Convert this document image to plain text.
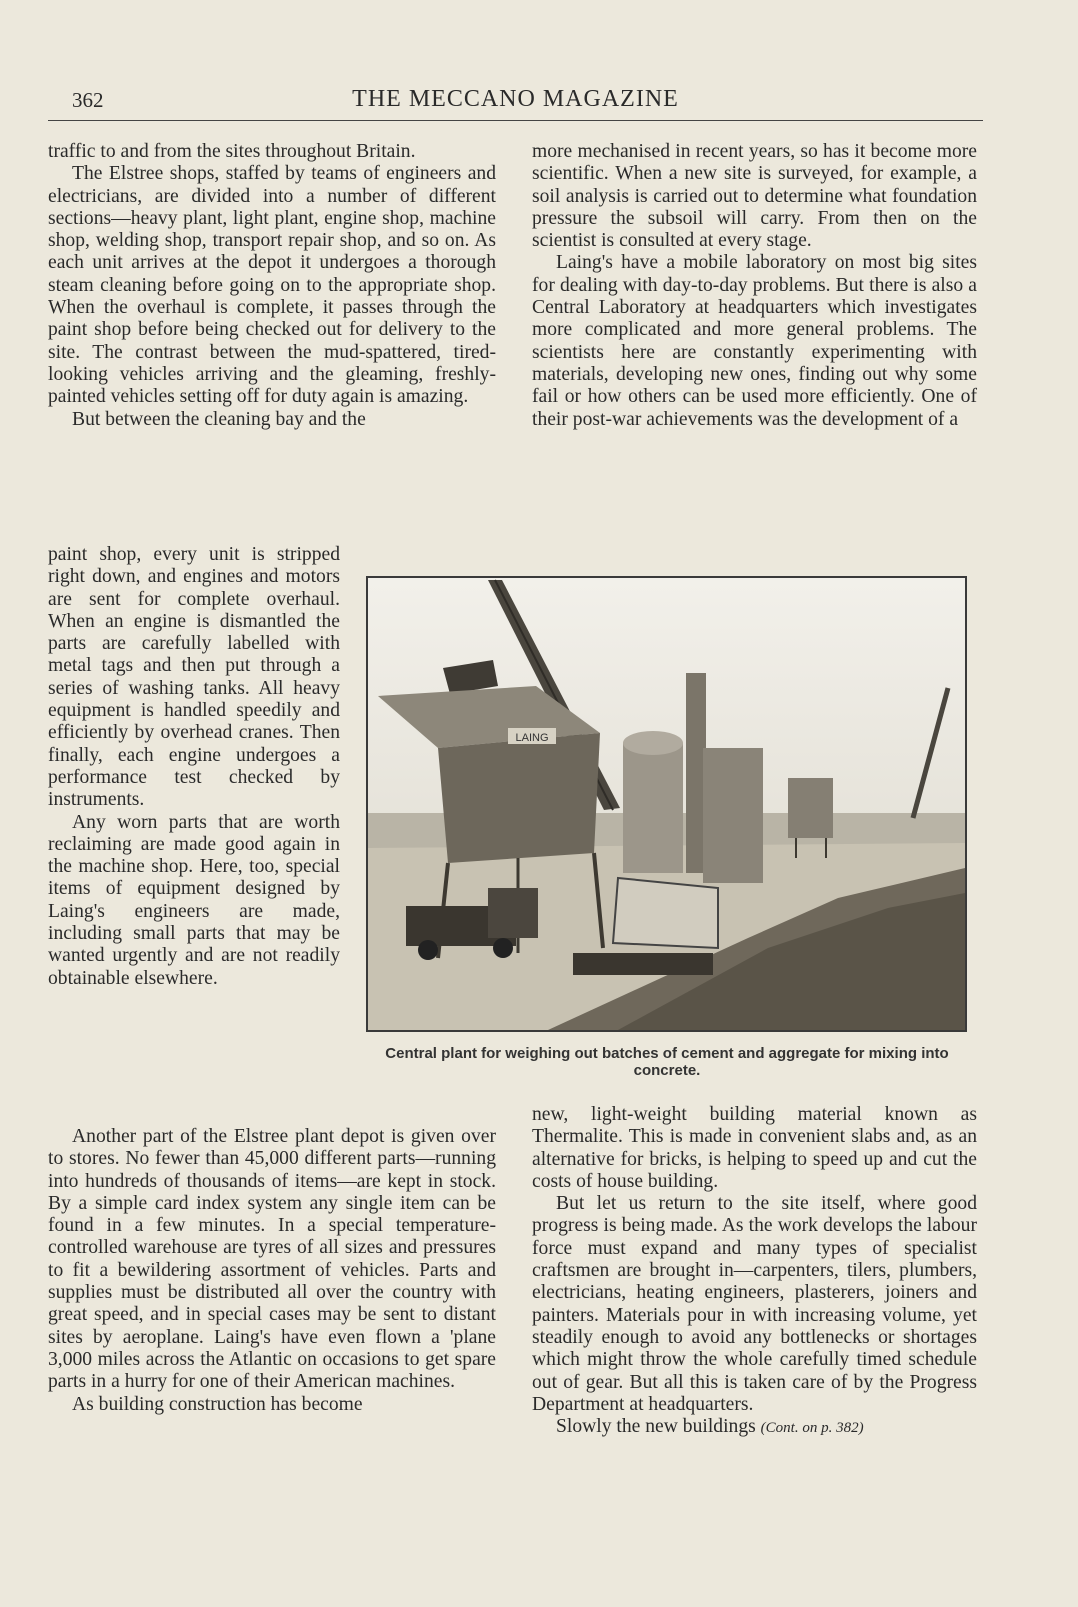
362	THE MECCANO MAGAZINE

traffic to and from the sites throughout Britain.

The Elstree shops, staffed by teams of engineers and electricians, are divided into a number of different sections—heavy plant, light plant, engine shop, machine shop, welding shop, transport repair shop, and so on. As each unit arrives at the depot it undergoes a thorough steam cleaning before going on to the appropriate shop. When the overhaul is complete, it passes through the paint shop before being checked out for delivery to the site. The contrast between the mud-spattered, tired-looking vehicles arriving and the gleaming, freshly-painted vehicles setting off for duty again is amazing.

But between the cleaning bay and the

paint shop, every unit is stripped right down, and engines and motors are sent for complete overhaul. When an engine is dismantled the parts are carefully labelled with metal tags and then put through a series of washing tanks. All heavy equipment is handled speedily and efficiently by overhead cranes. Then finally, each engine undergoes a performance test checked by instruments.

Any worn parts that are worth reclaiming are made good again in the machine shop. Here, too, special items of equipment designed by Laing's engineers are made, including small parts that may be wanted urgently and are not readily obtainable elsewhere.

Another part of the Elstree plant depot is given over to stores. No fewer than 45,000 different parts—running into hundreds of thousands of items—are kept in stock. By a simple card index system any single item can be found in a few minutes. In a special temperature-controlled warehouse are tyres of all sizes and pressures to fit a bewildering assortment of vehicles. Parts and supplies must be distributed all over the country with great speed, and in special cases may be sent to distant sites by aeroplane. Laing's have even flown a 'plane 3,000 miles across the Atlantic on occasions to get spare parts in a hurry for one of their American machines.

As building construction has become

more mechanised in recent years, so has it become more scientific. When a new site is surveyed, for example, a soil analysis is carried out to determine what foundation pressure the subsoil will carry. From then on the scientist is consulted at every stage.

Laing's have a mobile laboratory on most big sites for dealing with day-to-day problems. But there is also a Central Laboratory at headquarters which investigates more complicated and more general problems. The scientists here are constantly experimenting with materials, developing new ones, finding out why some fail or how others can be used more efficiently. One of their post-war achievements was the development of a

new, light-weight building material known as Thermalite. This is made in convenient slabs and, as an alternative for bricks, is helping to speed up and cut the costs of house building.

But let us return to the site itself, where good progress is being made. As the work develops the labour force must expand and many types of specialist craftsmen are brought in—carpenters, tilers, plumbers, electricians, heating engineers, plasterers, joiners and painters. Materials pour in with increasing volume, yet steadily enough to avoid any bottlenecks or shortages which might throw the whole carefully timed schedule out of gear. But all this is taken care of by the Progress Department at headquarters.

Slowly the new buildings (Cont. on p. 382)

LAING
Central plant for weighing out batches of cement and aggregate for mixing into concrete.
